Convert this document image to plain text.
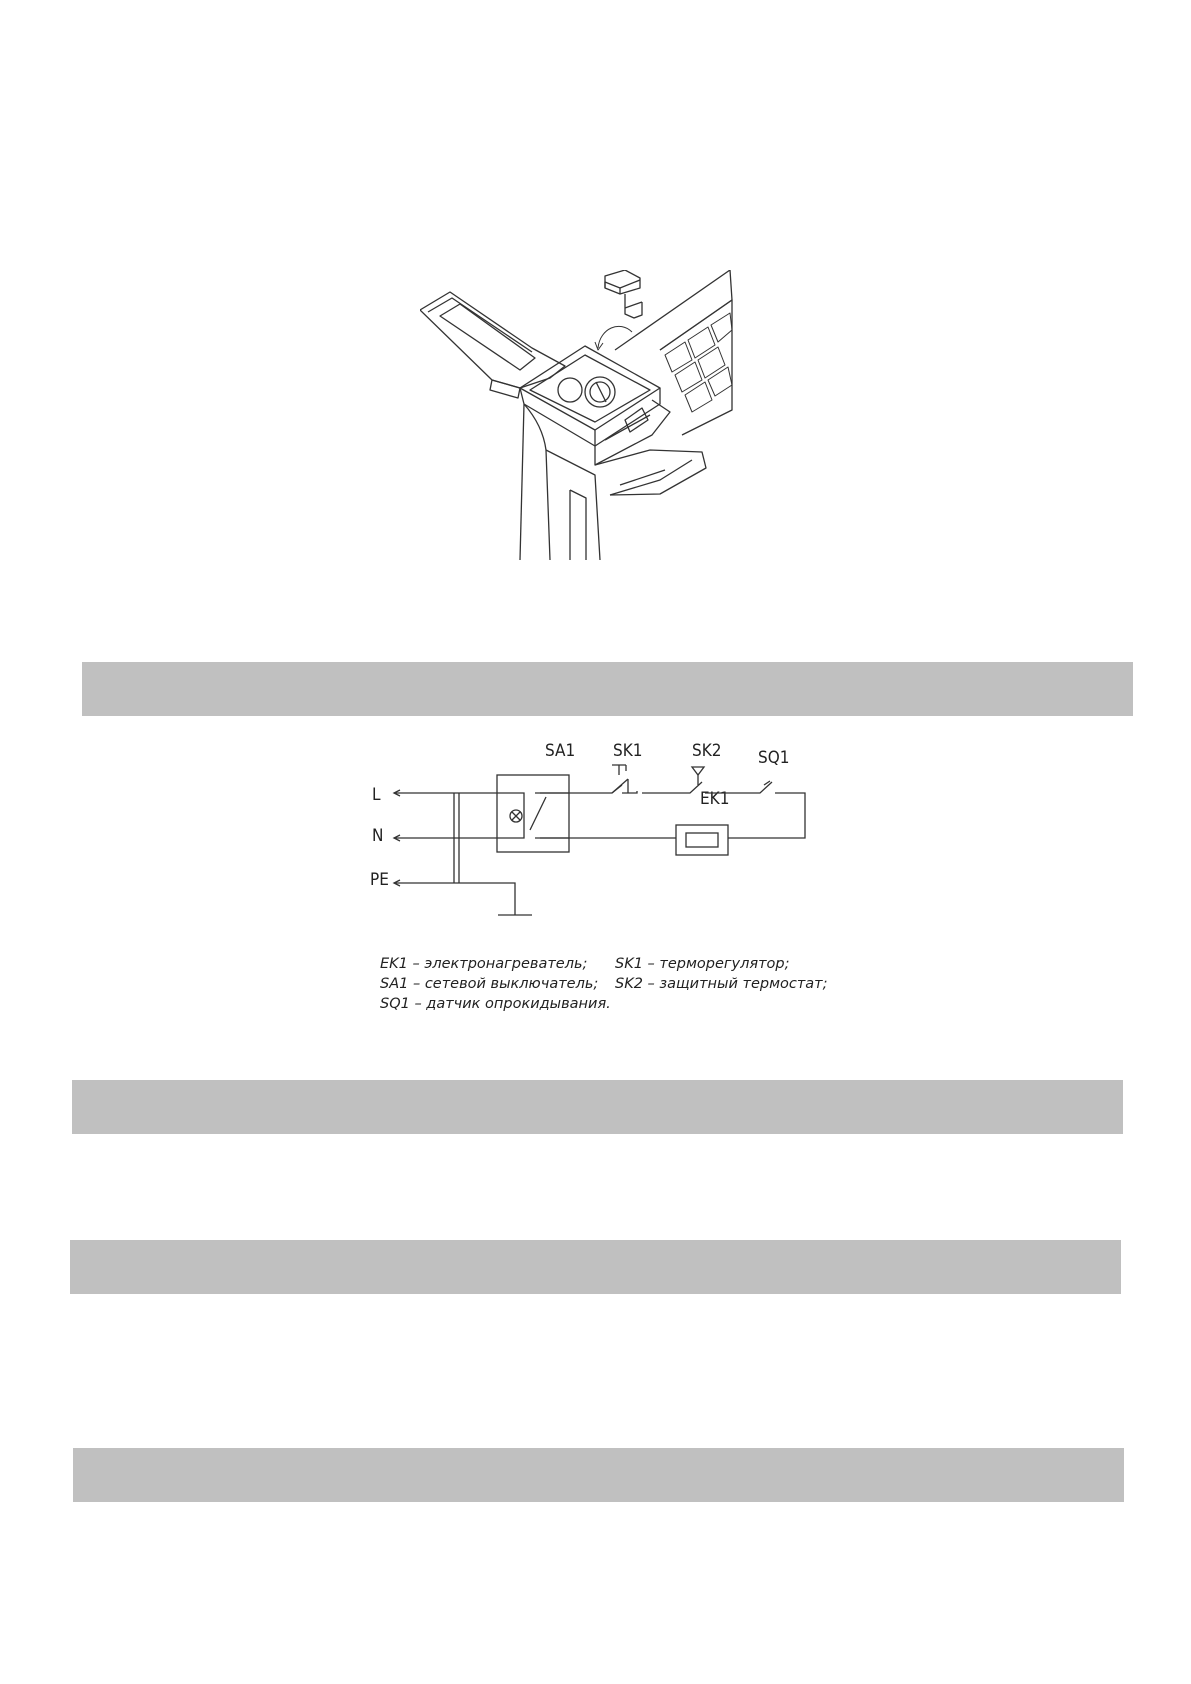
L
N
PE
SA1 SK1	SK2 SQ1
EK1
EK1 – электронагреватель;
SA1 – сетевой выключатель;
SQ1 – датчик опрокидывания.
SK1 – терморегулятор;
SK2 – защитный термостат;
